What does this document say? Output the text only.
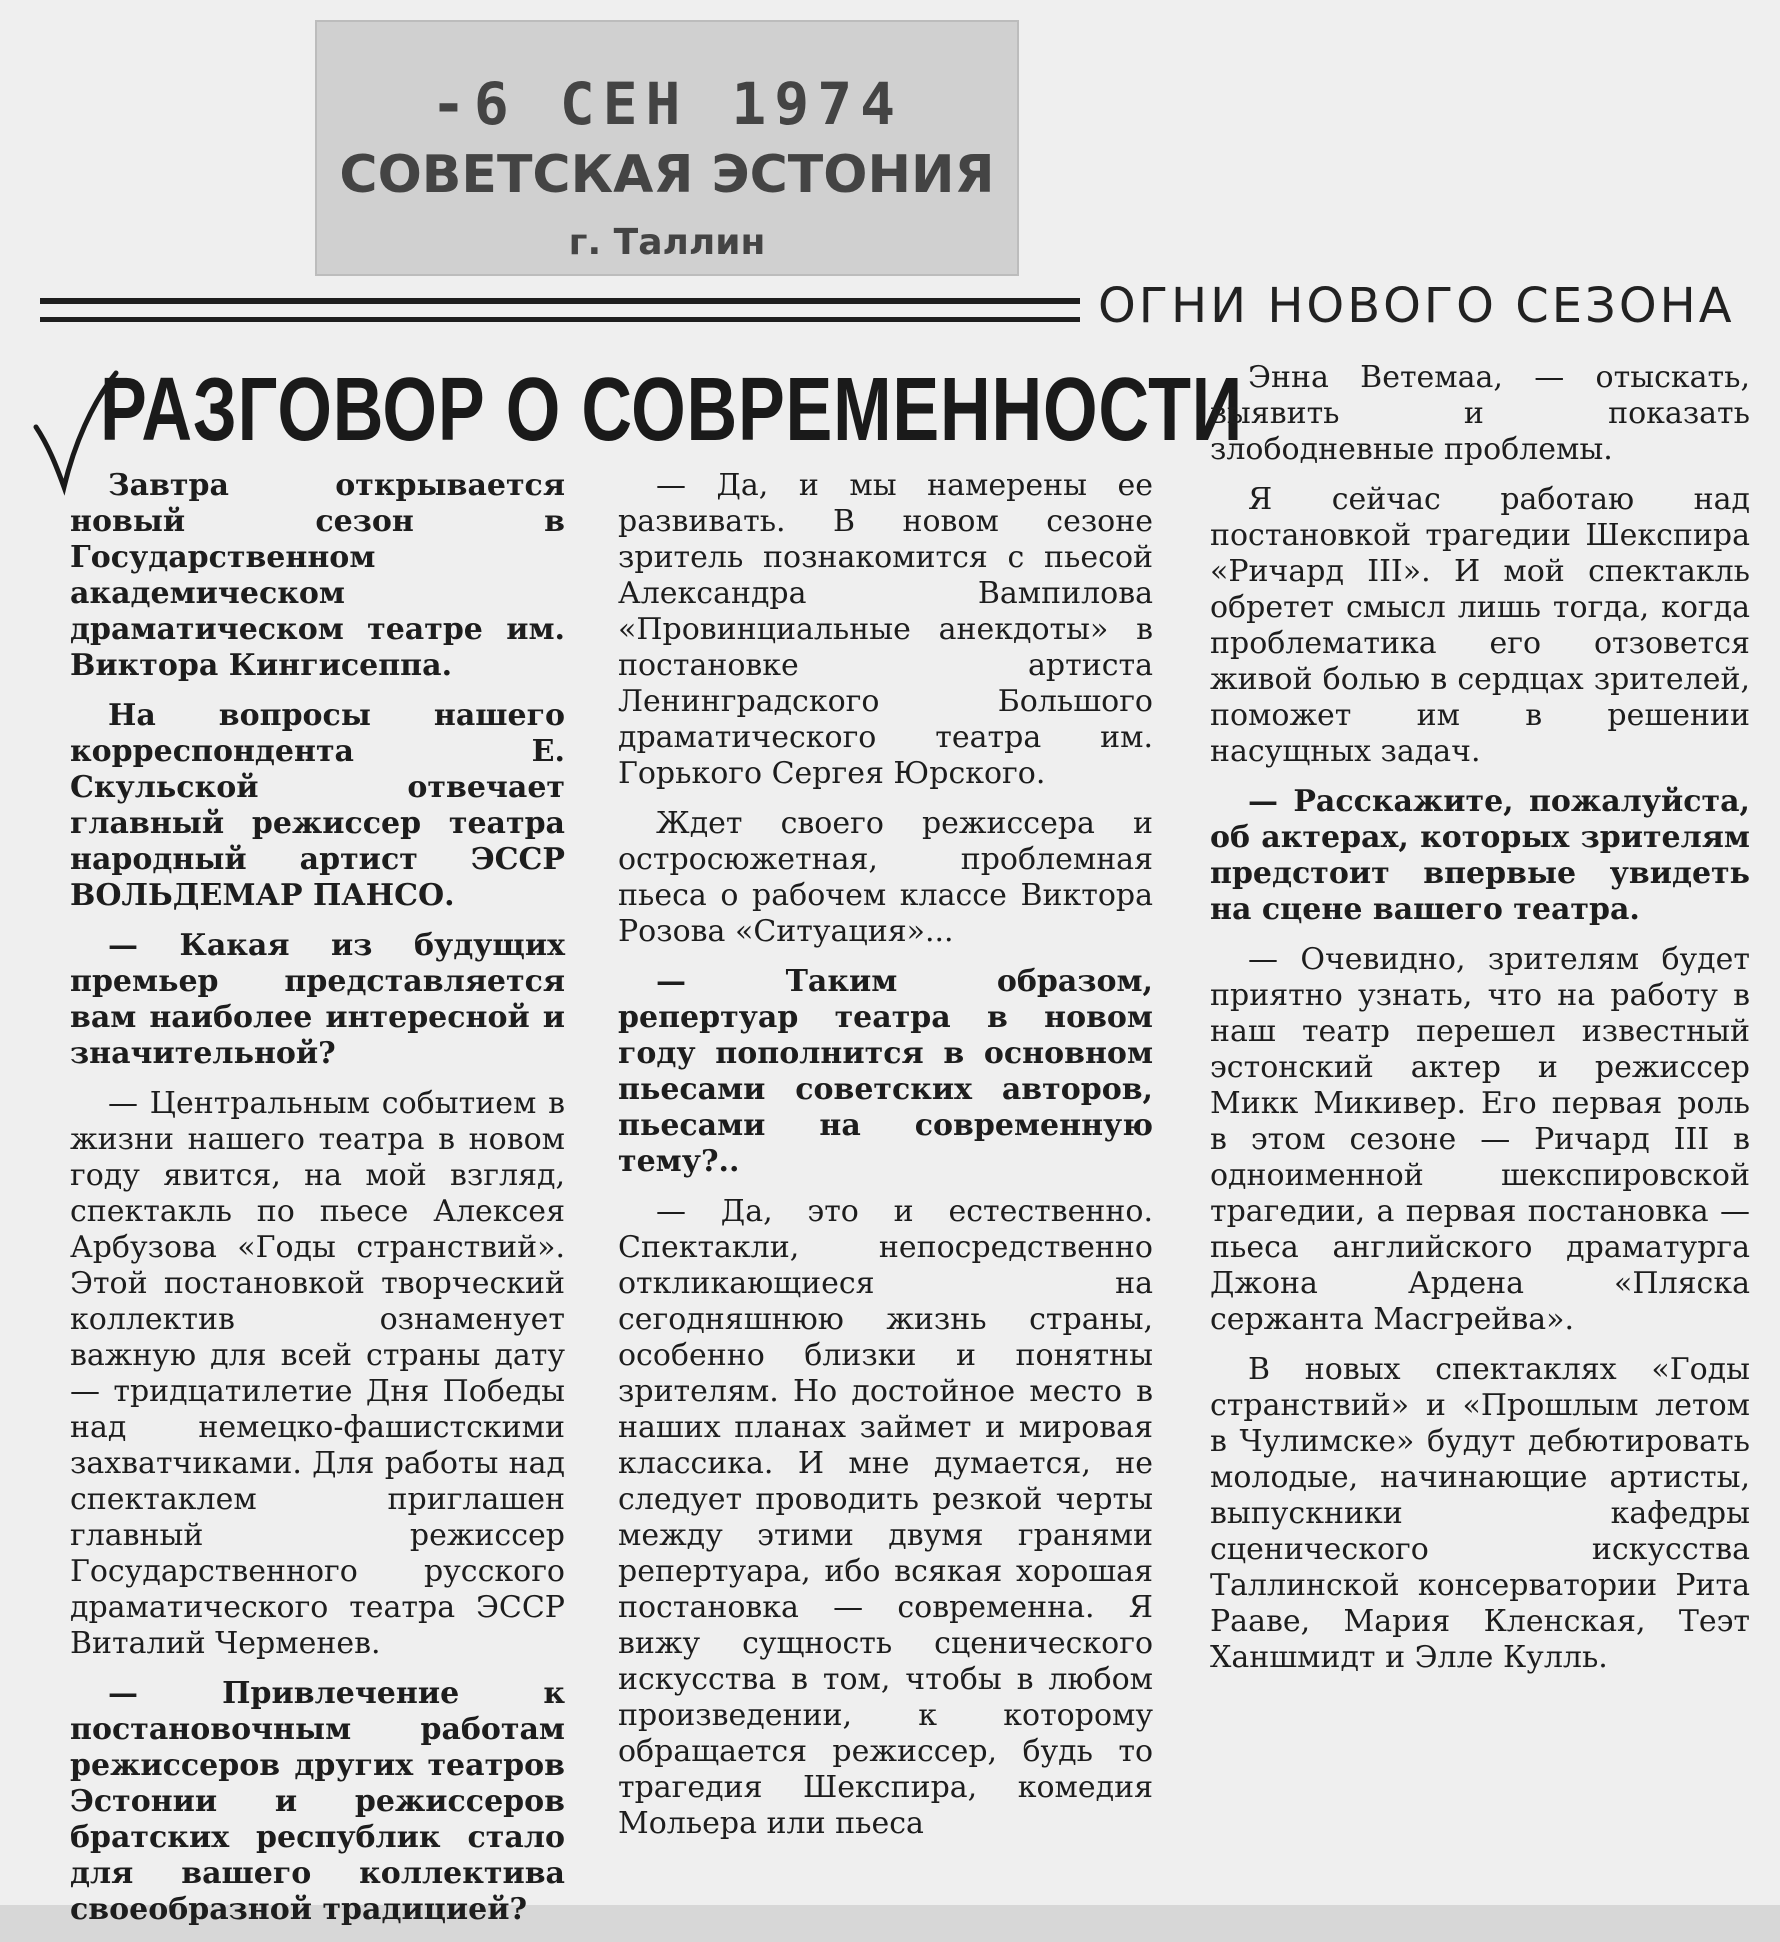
-6 СЕН 1974
СОВЕТСКАЯ ЭСТОНИЯ
г. Таллин
ОГНИ НОВОГО СЕЗОНА
РАЗГОВОР О СОВРЕМЕННОСТИ

Завтра открывается новый сезон в Государственном академическом драматическом театре им. Виктора Кингисеппа.

На вопросы нашего корреспондента Е. Скульской отвечает главный режиссер театра народный артист ЭССР ВОЛЬДЕМАР ПАНСО.

— Какая из будущих премьер представляется вам наиболее интересной и значительной?

— Центральным событием в жизни нашего театра в новом году явится, на мой взгляд, спектакль по пьесе Алексея Арбузова «Годы странствий». Этой постановкой творческий коллектив ознаменует важную для всей страны дату — тридцатилетие Дня Победы над немецко-фашистскими захватчиками. Для работы над спектаклем приглашен главный режиссер Государственного русского драматического театра ЭССР Виталий Черменев.

— Привлечение к постановочным работам режиссеров других театров Эстонии и режиссеров братских республик стало для вашего коллектива своеобразной традицией?

— Да, и мы намерены ее развивать. В новом сезоне зритель познакомится с пьесой Александра Вампилова «Провинциальные анекдоты» в постановке артиста Ленинградского Большого драматического театра им. Горького Сергея Юрского.

Ждет своего режиссера и остросюжетная, проблемная пьеса о рабочем классе Виктора Розова «Ситуация»...

— Таким образом, репертуар театра в новом году пополнится в основном пьесами советских авторов, пьесами на современную тему?..

— Да, это и естественно. Спектакли, непосредственно откликающиеся на сегодняшнюю жизнь страны, особенно близки и понятны зрителям. Но достойное место в наших планах займет и мировая классика. И мне думается, не следует проводить резкой черты между этими двумя гранями репертуара, ибо всякая хорошая постановка — современна. Я вижу сущность сценического искусства в том, чтобы в любом произведении, к которому обращается режиссер, будь то трагедия Шекспира, комедия Мольера или пьеса

Энна Ветемаа, — отыскать, выявить и показать злободневные проблемы.

Я сейчас работаю над постановкой трагедии Шекспира «Ричард III». И мой спектакль обретет смысл лишь тогда, когда проблематика его отзовется живой болью в сердцах зрителей, поможет им в решении насущных задач.

— Расскажите, пожалуйста, об актерах, которых зрителям предстоит впервые увидеть на сцене вашего театра.

— Очевидно, зрителям будет приятно узнать, что на работу в наш театр перешел известный эстонский актер и режиссер Микк Микивер. Его первая роль в этом сезоне — Ричард III в одноименной шекспировской трагедии, а первая постановка — пьеса английского драматурга Джона Ардена «Пляска сержанта Масгрейва».

В новых спектаклях «Годы странствий» и «Прошлым летом в Чулимске» будут дебютировать молодые, начинающие артисты, выпускники кафедры сценического искусства Таллинской консерватории Рита Рааве, Мария Кленская, Теэт Ханшмидт и Элле Кулль.
